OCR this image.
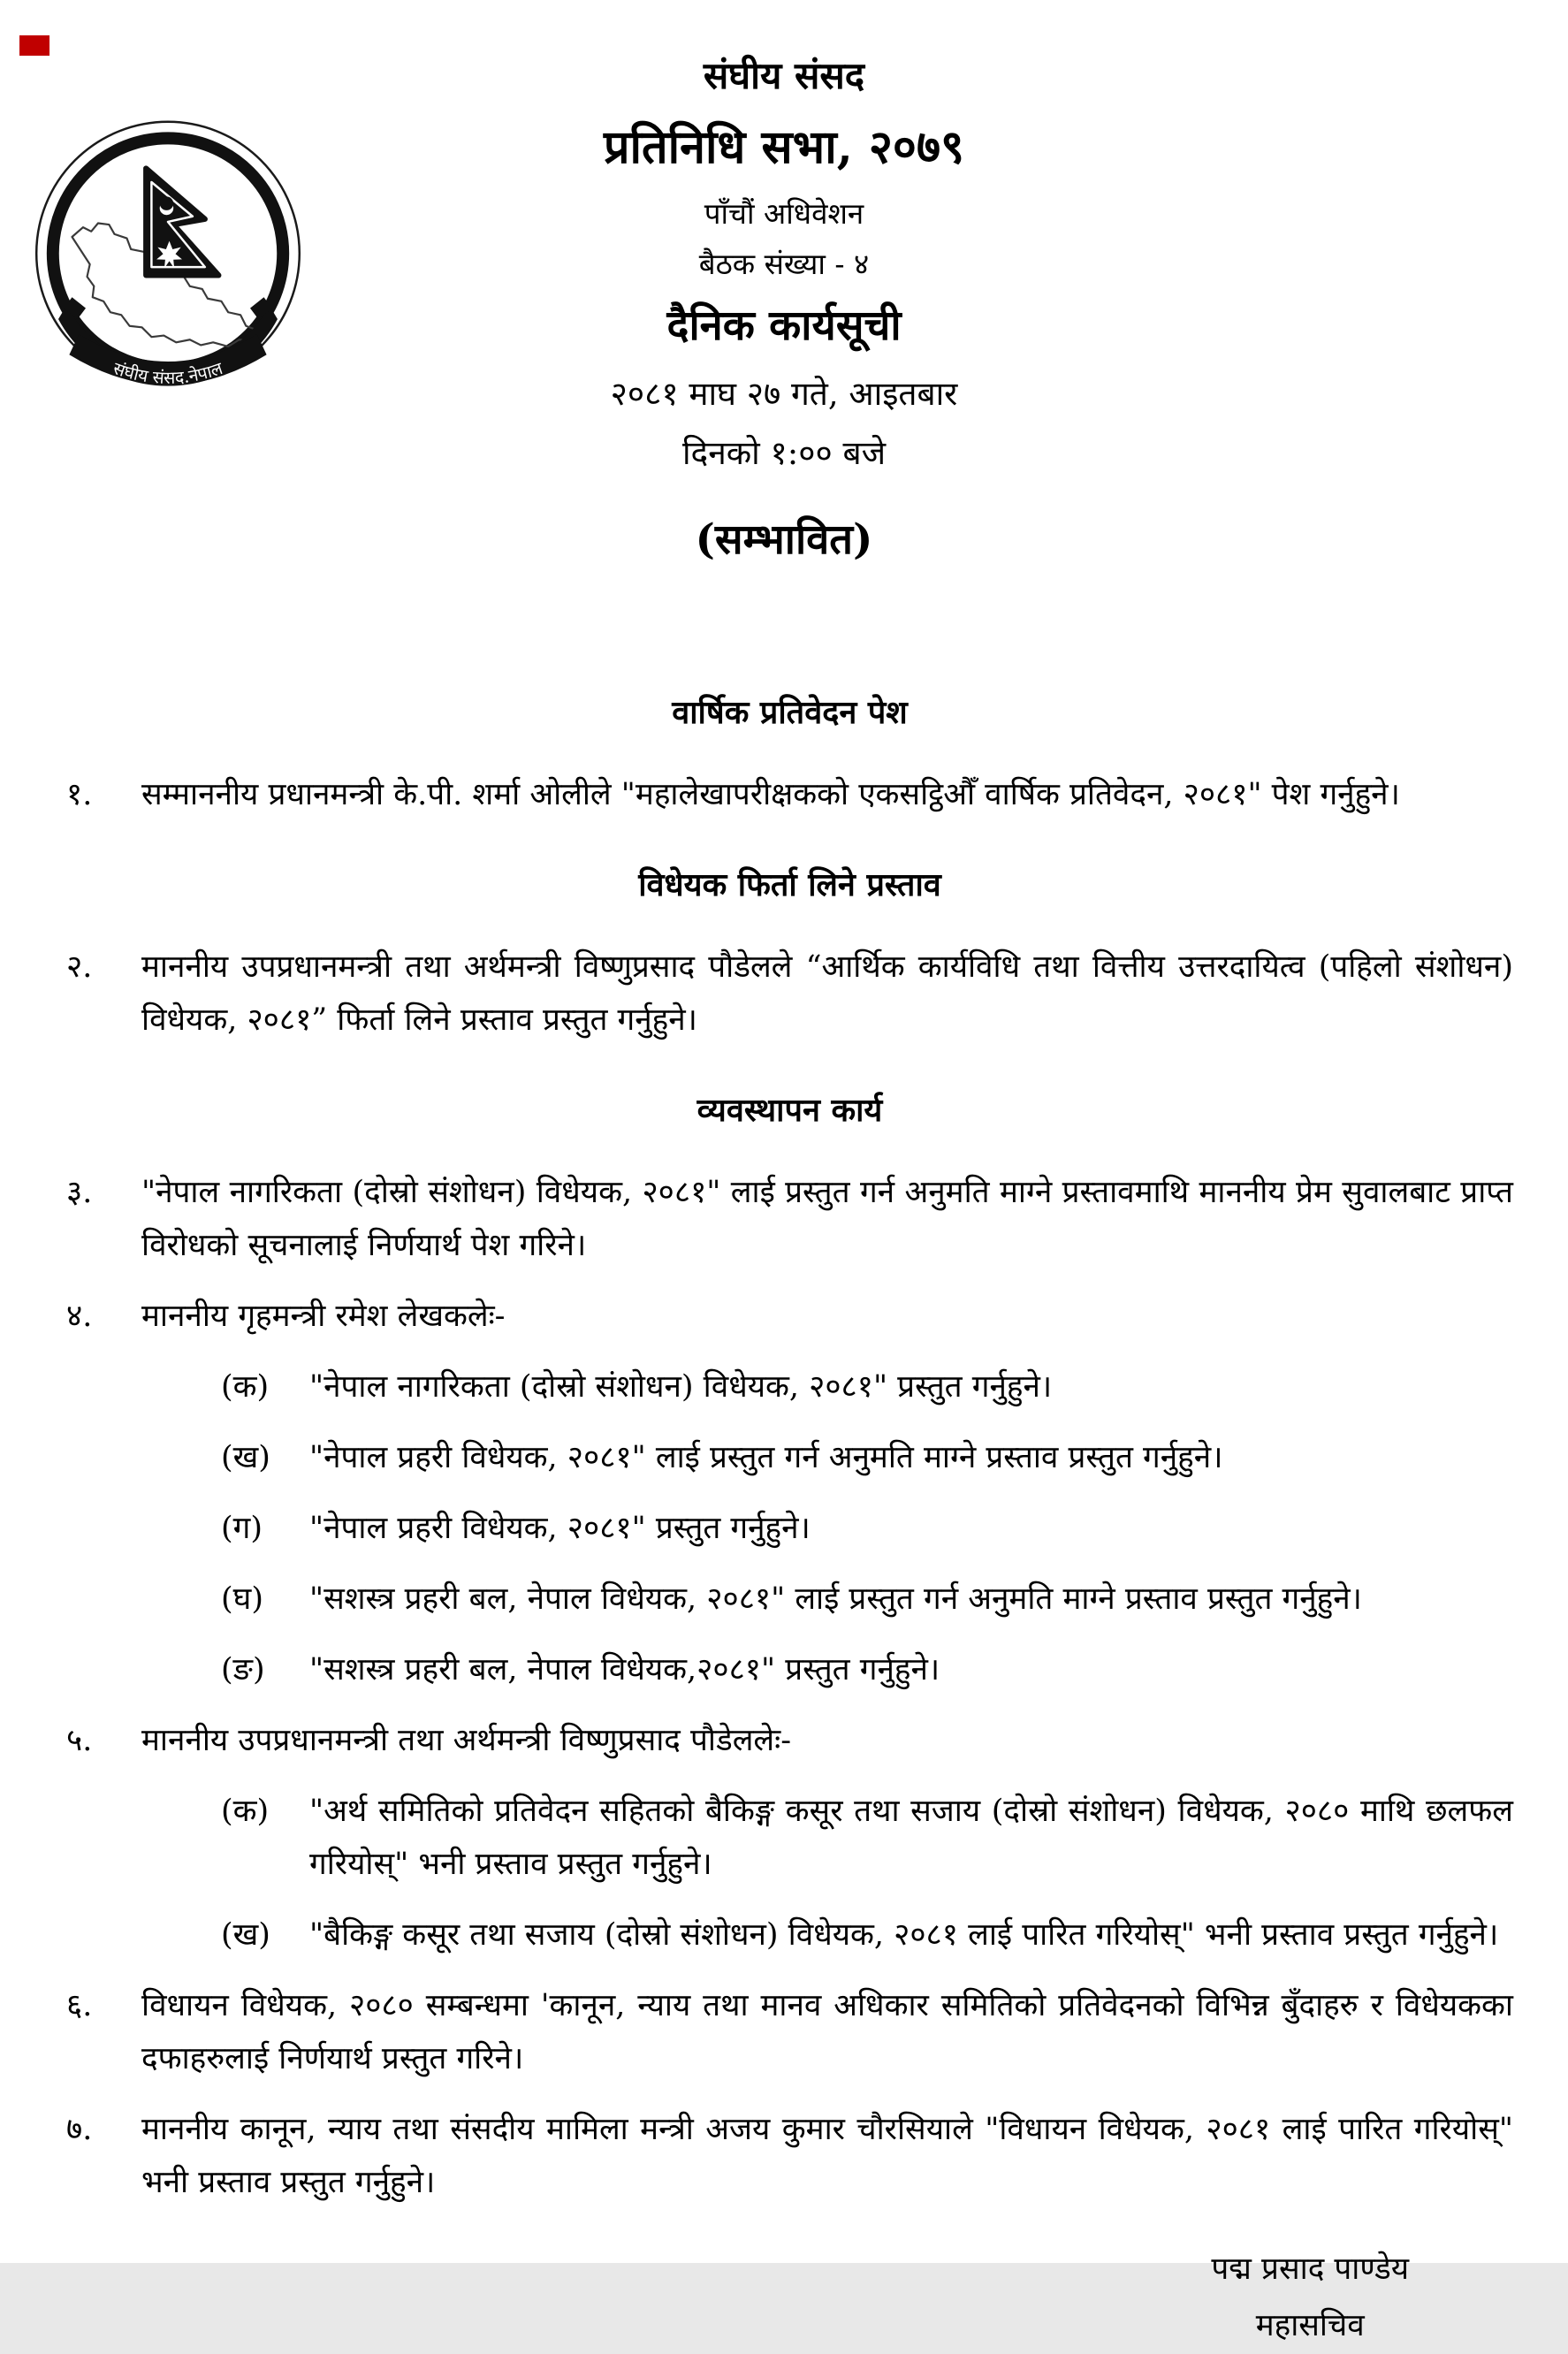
संघीय संसद.नेपाल
संघीय संसद
प्रतिनिधि सभा, २०७९
पाँचौं अधिवेशन
बैठक संख्या - ४
दैनिक कार्यसूची
२०८१ माघ २७ गते, आइतबार
दिनको १:०० बजे
(सम्भावित)
वार्षिक प्रतिवेदन पेश
१.	सम्माननीय प्रधानमन्त्री के.पी. शर्मा ओलीले "महालेखापरीक्षकको एकसट्ठिऔँ वार्षिक प्रतिवेदन, २०८१" पेश गर्नुहुने।
विधेयक फिर्ता लिने प्रस्ताव
२.	माननीय उपप्रधानमन्त्री तथा अर्थमन्त्री विष्णुप्रसाद पौडेलले “आर्थिक कार्यविधि तथा वित्तीय उत्तरदायित्व (पहिलो संशोधन) विधेयक, २०८१” फिर्ता लिने प्रस्ताव प्रस्तुत गर्नुहुने।
व्यवस्थापन कार्य
३.	"नेपाल नागरिकता (दोस्रो संशोधन) विधेयक, २०८१" लाई प्रस्तुत गर्न अनुमति माग्ने प्रस्तावमाथि माननीय प्रेम सुवालबाट प्राप्त विरोधको सूचनालाई निर्णयार्थ पेश गरिने।
४.	माननीय गृहमन्त्री रमेश लेखकलेः-
(क)	"नेपाल नागरिकता (दोस्रो संशोधन) विधेयक, २०८१" प्रस्तुत गर्नुहुने।
(ख)	"नेपाल प्रहरी विधेयक, २०८१" लाई प्रस्तुत गर्न अनुमति माग्ने प्रस्ताव प्रस्तुत गर्नुहुने।
(ग)	"नेपाल प्रहरी विधेयक, २०८१" प्रस्तुत गर्नुहुने।
(घ)	"सशस्त्र प्रहरी बल, नेपाल विधेयक, २०८१" लाई प्रस्तुत गर्न अनुमति माग्ने प्रस्ताव प्रस्तुत गर्नुहुने।
(ङ)	"सशस्त्र प्रहरी बल, नेपाल विधेयक,२०८१" प्रस्तुत गर्नुहुने।
५.	माननीय उपप्रधानमन्त्री तथा अर्थमन्त्री विष्णुप्रसाद पौडेललेः-
(क)	"अर्थ समितिको प्रतिवेदन सहितको बैकिङ्ग कसूर तथा सजाय (दोस्रो संशोधन) विधेयक, २०८० माथि छलफल गरियोस्" भनी प्रस्ताव प्रस्तुत गर्नुहुने।
(ख)	"बैकिङ्ग कसूर तथा सजाय (दोस्रो संशोधन) विधेयक, २०८१ लाई पारित गरियोस्" भनी प्रस्ताव प्रस्तुत गर्नुहुने।
६.	विधायन विधेयक, २०८० सम्बन्धमा 'कानून, न्याय तथा मानव अधिकार समितिको प्रतिवेदनको विभिन्न बुँदाहरु र विधेयकका दफाहरुलाई निर्णयार्थ प्रस्तुत गरिने।
७.	माननीय कानून, न्याय तथा संसदीय मामिला मन्त्री अजय कुमार चौरसियाले "विधायन विधेयक, २०८१ लाई पारित गरियोस्" भनी प्रस्ताव प्रस्तुत गर्नुहुने।
पद्म प्रसाद पाण्डेय
महासचिव
